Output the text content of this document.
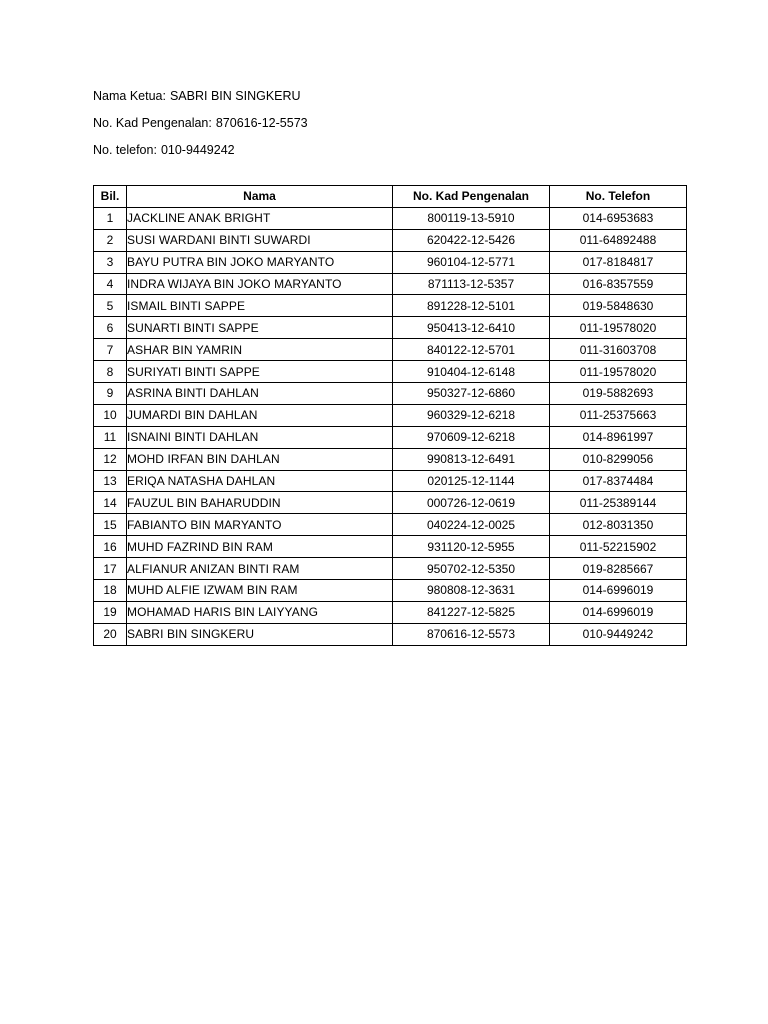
Nama Ketua: SABRI BIN SINGKERU
No. Kad Pengenalan: 870616-12-5573
No. telefon: 010-9449242
Bil.	Nama	No. Kad Pengenalan	No. Telefon
1	JACKLINE ANAK BRIGHT	800119-13-5910	014-6953683
2	SUSI WARDANI BINTI SUWARDI	620422-12-5426	011-64892488
3	BAYU PUTRA BIN JOKO MARYANTO	960104-12-5771	017-8184817
4	INDRA WIJAYA BIN JOKO MARYANTO	871113-12-5357	016-8357559
5	ISMAIL BINTI SAPPE	891228-12-5101	019-5848630
6	SUNARTI BINTI SAPPE	950413-12-6410	011-19578020
7	ASHAR BIN YAMRIN	840122-12-5701	011-31603708
8	SURIYATI BINTI SAPPE	910404-12-6148	011-19578020
9	ASRINA BINTI DAHLAN	950327-12-6860	019-5882693
10	JUMARDI BIN DAHLAN	960329-12-6218	011-25375663
11	ISNAINI BINTI DAHLAN	970609-12-6218	014-8961997
12	MOHD IRFAN BIN DAHLAN	990813-12-6491	010-8299056
13	ERIQA NATASHA DAHLAN	020125-12-1144	017-8374484
14	FAUZUL BIN BAHARUDDIN	000726-12-0619	011-25389144
15	FABIANTO BIN MARYANTO	040224-12-0025	012-8031350
16	MUHD FAZRIND BIN RAM	931120-12-5955	011-52215902
17	ALFIANUR ANIZAN BINTI RAM	950702-12-5350	019-8285667
18	MUHD ALFIE IZWAM BIN RAM	980808-12-3631	014-6996019
19	MOHAMAD HARIS BIN LAIYYANG	841227-12-5825	014-6996019
20	SABRI BIN SINGKERU	870616-12-5573	010-9449242
